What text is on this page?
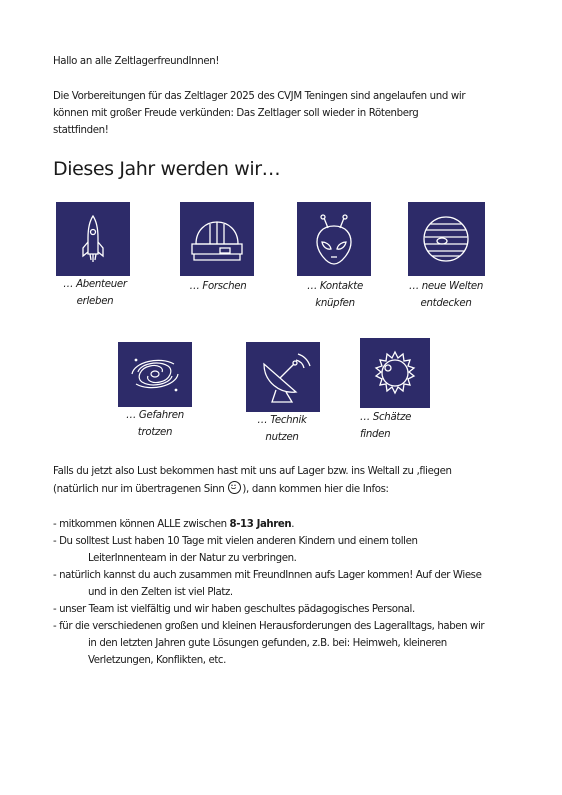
Hallo an alle ZeltlagerfreundInnen!
Die Vorbereitungen für das Zeltlager 2025 des CVJM Teningen sind angelaufen und wir
können mit großer Freude verkünden: Das Zeltlager soll wieder in Rötenberg
stattfinden!
Dieses Jahr werden wir…
… Abenteuer
erleben
… Forschen	… Kontakte
knüpfen
… neue Welten
entdecken
… Gefahren
trotzen
… Technik
nutzen
… Schätze
finden
Falls du jetzt also Lust bekommen hast mit uns auf Lager bzw. ins Weltall zu ‚fliegen
(natürlich nur im übertragenen Sinn
), dann kommen hier die Infos:
- mitkommen können ALLE zwischen 8-13 Jahren.
- Du solltest Lust haben 10 Tage mit vielen anderen Kindern und einem tollen
LeiterInnenteam in der Natur zu verbringen.
- natürlich kannst du auch zusammen mit FreundInnen aufs Lager kommen! Auf der Wiese
und in den Zelten ist viel Platz.
- unser Team ist vielfältig und wir haben geschultes pädagogisches Personal.
- für die verschiedenen großen und kleinen Herausforderungen des Lageralltags, haben wir
in den letzten Jahren gute Lösungen gefunden, z.B. bei: Heimweh, kleineren
Verletzungen, Konflikten, etc.
